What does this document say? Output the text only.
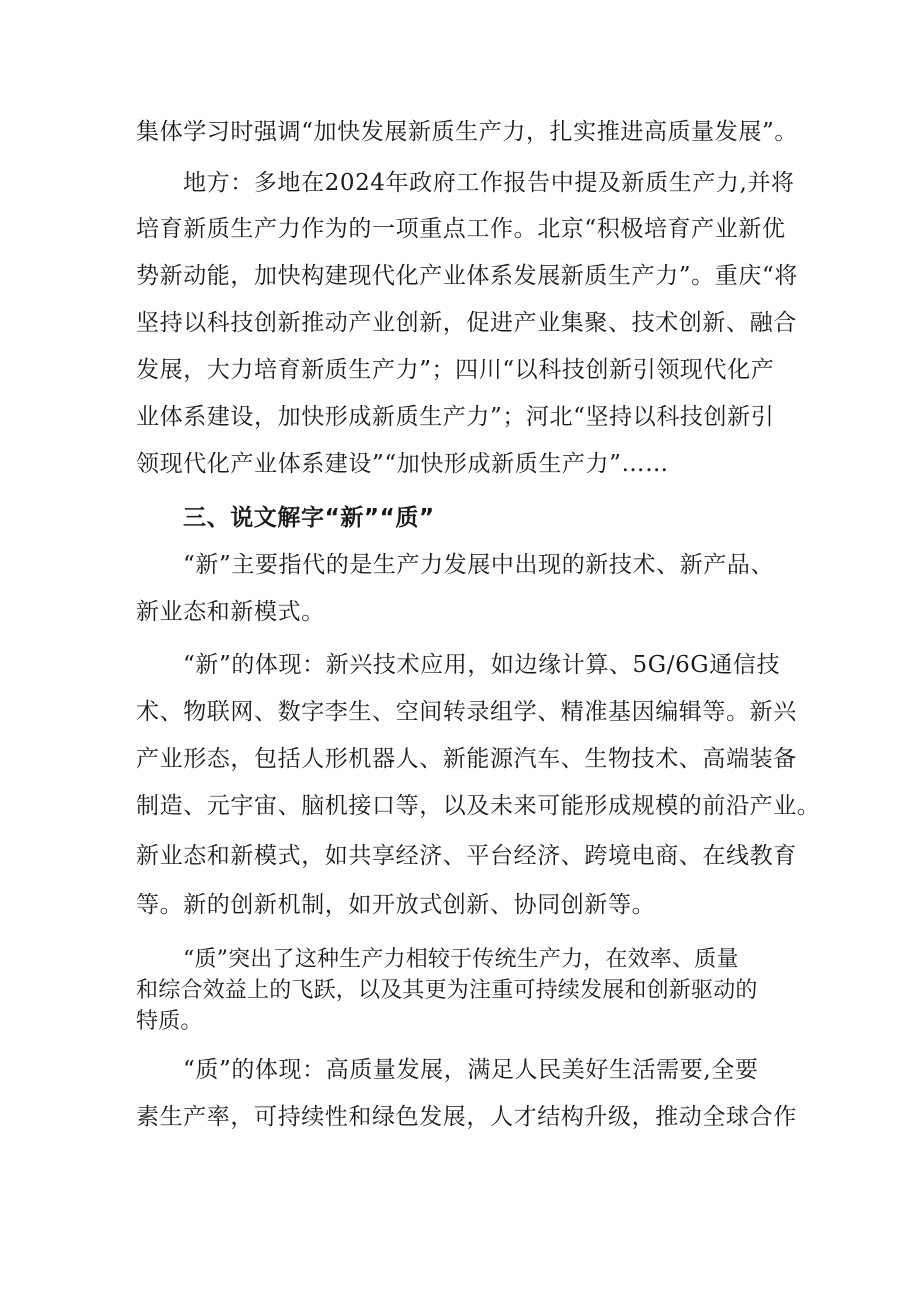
集体学习时强调“加快发展新质生产力，扎实推进高质量发展”。
地方：多地在2024年政府工作报告中提及新质生产力,并将
培育新质生产力作为的一项重点工作。北京“积极培育产业新优
势新动能，加快构建现代化产业体系发展新质生产力”。重庆“将
坚持以科技创新推动产业创新，促进产业集聚、技术创新、融合
发展，大力培育新质生产力”；四川“以科技创新引领现代化产
业体系建设，加快形成新质生产力”；河北“坚持以科技创新引
领现代化产业体系建设”“加快形成新质生产力”……
三、说文解字“新”“质”
“新”主要指代的是生产力发展中出现的新技术、新产品、
新业态和新模式。
“新”的体现：新兴技术应用，如边缘计算、5G/6G通信技
术、物联网、数字李生、空间转录组学、精准基因编辑等。新兴
产业形态，包括人形机器人、新能源汽车、生物技术、高端装备
制造、元宇宙、脑机接口等，以及未来可能形成规模的前沿产业。
新业态和新模式，如共享经济、平台经济、跨境电商、在线教育
等。新的创新机制，如开放式创新、协同创新等。
“质”突出了这种生产力相较于传统生产力，在效率、质量
和综合效益上的飞跃，以及其更为注重可持续发展和创新驱动的
特质。
“质”的体现：高质量发展，满足人民美好生活需要,全要
素生产率，可持续性和绿色发展，人才结构升级，推动全球合作
